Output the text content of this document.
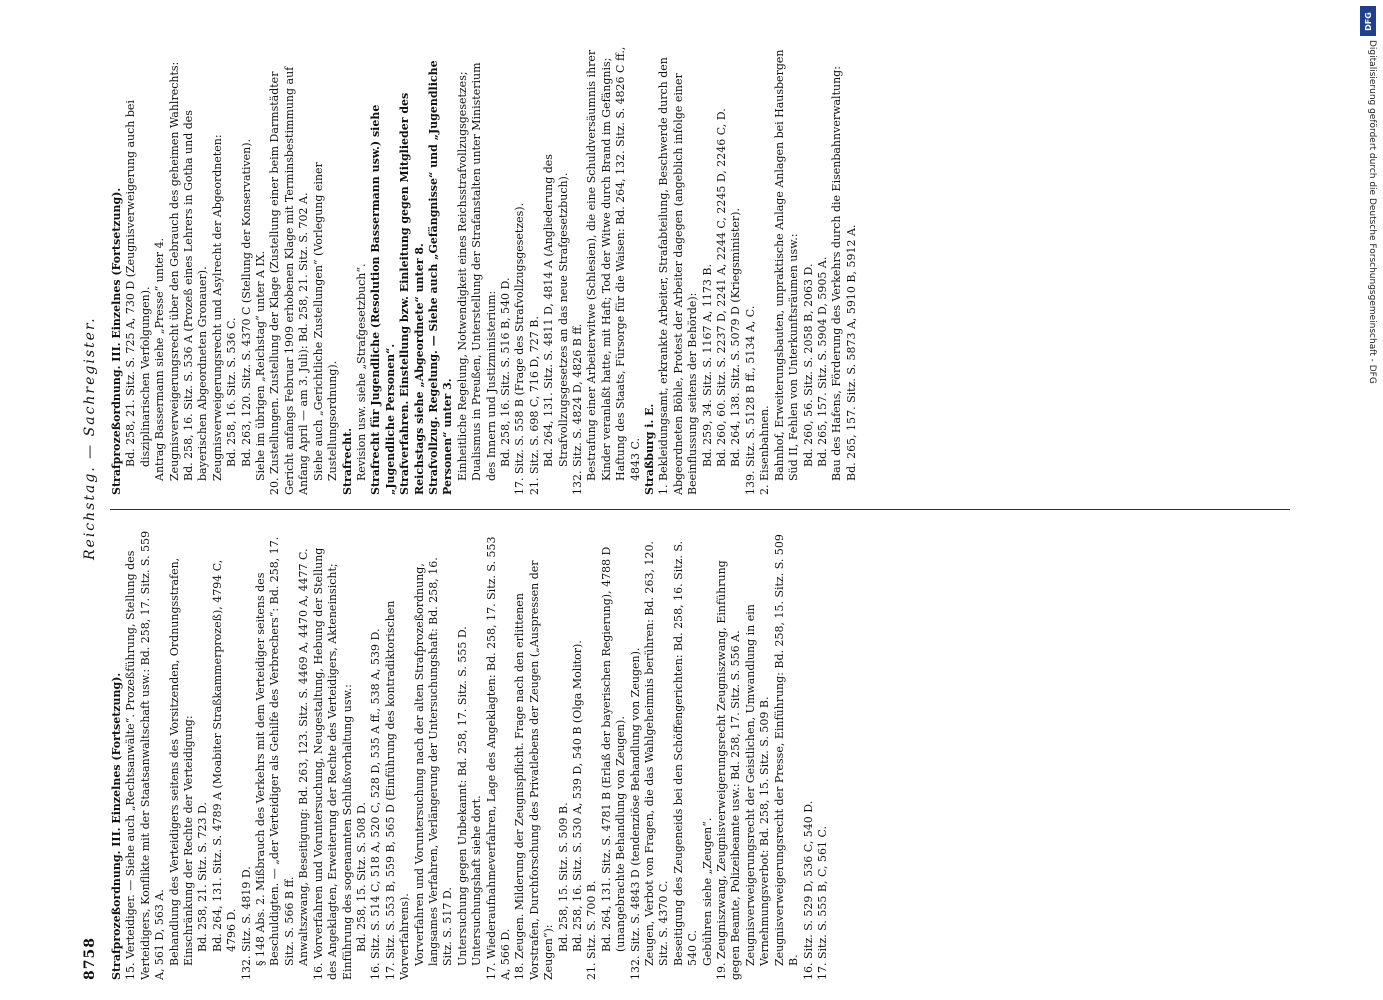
8758
Reichstag. — Sachregister.

Strafprozeßordnung. III. Einzelnes (Fortsetzung). 15. Verteidiger. — Siehe auch „Rechtsanwälte“. Prozeßführung, Stellung des Verteidigers, Konflikte mit der Staatsanwaltschaft usw.: Bd. 258, 17. Sitz. S. 559 A, 561 D, 563 A. Behandlung des Verteidigers seitens des Vorsitzenden, Ordnungsstrafen, Einschränkung der Rechte der Verteidigung: Bd. 258, 21. Sitz. S. 723 D. Bd. 264, 131. Sitz. S. 4789 A (Moabiter Straßkammerprozeß), 4794 C, 4796 D. 132. Sitz. S. 4819 D. § 148 Abs. 2. Mißbrauch des Verkehrs mit dem Verteidiger seitens des Beschuldigten. — „der Verteidiger als Gehilfe des Verbrechers“: Bd. 258, 17. Sitz. S. 566 B ff. Anwaltszwang, Beseitigung: Bd. 263, 123. Sitz. S. 4469 A, 4470 A, 4477 C. 16. Vorverfahren und Voruntersuchung, Neugestaltung, Hebung der Stellung des Angeklagten, Erweiterung der Rechte des Verteidigers, Akteneinsicht; Einführung des sogenannten Schlußvorhaltung usw.: Bd. 258, 15. Sitz. S. 508 D. 16. Sitz. S. 514 C, 518 A, 520 C, 528 D, 535 A ff., 538 A, 539 D. 17. Sitz. S. 553 B, 559 B, 565 D (Einführung des kontradiktorischen Vorverfahrens). Vorverfahren und Voruntersuchung nach der alten Strafprozeßordnung, langsames Verfahren, Verlängerung der Untersuchungshaft: Bd. 258, 16. Sitz. S. 517 D. Untersuchung gegen Unbekannt: Bd. 258, 17. Sitz. S. 555 D. Untersuchungshaft siehe dort. 17. Wiederaufnahmeverfahren, Lage des Angeklagten: Bd. 258, 17. Sitz. S. 553 A, 566 D. 18. Zeugen. Milderung der Zeugnispflicht. Frage nach den erlittenen Vorstrafen, Durchforschung des Privatlebens der Zeugen („Auspressen der Zeugen“):

Bd. 258, 15. Sitz. S. 509 B. Bd. 258, 16. Sitz. S. 530 A, 539 D, 540 B (Olga Molitor). 21. Sitz. S. 700 B. Bd. 264, 131. Sitz. S. 4781 B (Erlaß der bayerischen Regierung), 4788 D (unangebrachte Behandlung von Zeugen). 132. Sitz. S. 4843 D (tendenziöse Behandlung von Zeugen). Zeugen, Verbot von Fragen, die das Wahlgeheimnis berühren: Bd. 263, 120. Sitz. S. 4370 C. Beseitigung des Zeugeneids bei den Schöffengerichten: Bd. 258, 16. Sitz. S. 540 C. Gebühren siehe „Zeugen“. 19. Zeugniszwang, Zeugnisverweigerungsrecht Zeugniszwang, Einführung gegen Beamte, Polizeibeamte usw.: Bd. 258, 17. Sitz. S. 556 A. Zeugnisverweigerungsrecht der Geistlichen, Umwandlung in ein Vernehmungsverbot: Bd. 258, 15. Sitz. S. 509 B. Zeugnisverweigerungsrecht der Presse, Einführung: Bd. 258, 15. Sitz. S. 509 B. 16. Sitz. S. 529 D, 536 C, 540 D. 17. Sitz. S. 555 B, C, 561 C.

Strafprozeßordnung. III. Einzelnes (Fortsetzung). Bd. 258, 21. Sitz. S. 725 A, 730 D (Zeugnisverweigerung auch bei disziplinarischen Verfolgungen). Antrag Bassermann siehe „Presse“ unter 4. Zeugnisverweigerungsrecht über den Gebrauch des geheimen Wahlrechts: Bd. 258, 16. Sitz. S. 536 A (Prozeß eines Lehrers in Gotha und des bayerischen Abgeordneten Gronauer). Zeugnisverweigerungsrecht und Asylrecht der Abgeordneten: Bd. 258, 16. Sitz. S. 536 C. Bd. 263, 120. Sitz. S. 4370 C (Stellung der Konservativen). Siehe im übrigen „Reichstag“ unter A IX. 20. Zustellungen. Zustellung der Klage (Zustellung einer beim Darmstädter Gericht anfangs Februar 1909 erhobenen Klage mit Terminsbestimmung auf Anfang April — am 3. Juli): Bd. 258, 21. Sitz. S. 702 A. Siehe auch „Gerichtliche Zustellungen“ (Vorlegung einer Zustellungsordnung). Strafrecht. Revision usw. siehe „Strafgesetzbuch“. Strafrecht für Jugendliche (Resolution Bassermann usw.) siehe „Jugendliche Personen“. Strafverfahren. Einstellung bzw. Einleitung gegen Mitglieder des Reichstags siehe „Abgeordnete“ unter 8. Strafvollzug. Regelung. — Siehe auch „Gefängnisse“ und „Jugendliche Personen“ unter 3. Einheitliche Regelung, Notwendigkeit eines Reichsstrafvollzugsgesetzes; Dualismus in Preußen, Unterstellung der Strafanstalten unter Ministerium des Innern und Justizministerium: Bd. 258, 16. Sitz. S. 516 B, 540 D. 17. Sitz. S. 558 B (Frage des Strafvollzugsgesetzes). 21. Sitz. S. 698 C, 716 D, 727 B. Bd. 264, 131. Sitz. S. 4811 D, 4814 A (Angliederung des Strafvollzugsgesetzes an das neue Strafgesetzbuch). 132. Sitz. S. 4824 D, 4826 B ff. Bestrafung einer Arbeiterwitwe (Schlesien), die eine Schuldversäumnis ihrer Kinder veranlaßt hatte, mit Haft; Tod der Witwe durch Brand im Gefängnis; Haftung des Staats, Fürsorge für die Waisen: Bd. 264, 132. Sitz. S. 4826 C ff., 4843 C. Straßburg i. E. 1. Bekleidungsamt, erkrankte Arbeiter, Strafabteilung, Beschwerde durch den Abgeordneten Böhle, Protest der Arbeiter dagegen (angeblich infolge einer Beeinflussung seitens der Behörde): Bd. 259, 34. Sitz. S. 1167 A, 1173 B. Bd. 260, 60. Sitz. S. 2237 D, 2241 A, 2244 C, 2245 D, 2246 C, D. Bd. 264, 138. Sitz. S. 5079 D (Kriegsminister). 139. Sitz. S. 5128 B ff., 5134 A, C. 2. Eisenbahnen. Bahnhof, Erweiterungsbauten, unpraktische Anlage Anlagen bei Hausbergen Süd II, Fehlen von Unterkunftsräumen usw.: Bd. 260, 56. Sitz. S. 2058 B, 2063 D. Bd. 265, 157. Sitz. S. 5904 D, 5905 A. Bau des Hafens, Förderung des Verkehrs durch die Eisenbahnverwaltung: Bd. 265, 157. Sitz. S. 5873 A, 5910 B, 5912 A.

DFG
Digitalisierung gefördert durch die Deutsche Forschungsgemeinschaft - DFG
